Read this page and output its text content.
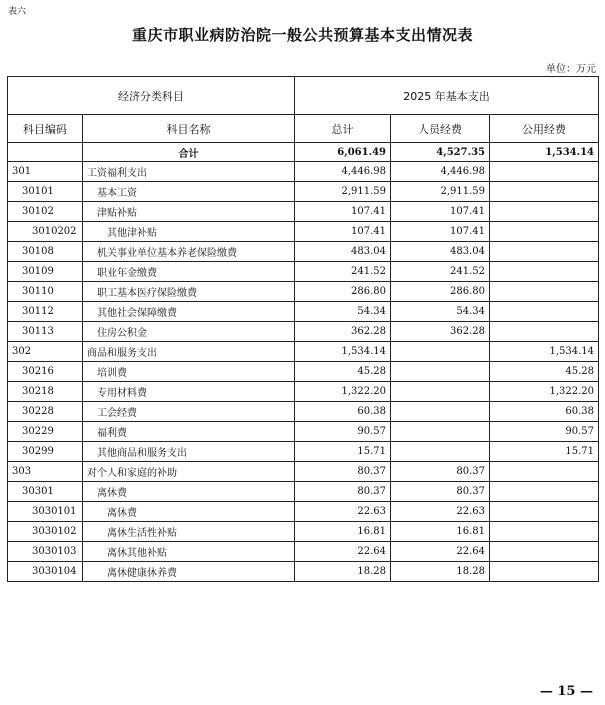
表六
重庆市职业病防治院一般公共预算基本支出情况表
单位：万元
经济分类科目		2025 年基本支出		
科目编码	科目名称	总计	人员经费	公用经费
	合计	6,061.49	4,527.35	1,534.14
301	工资福利支出	4,446.98	4,446.98	
30101	基本工资	2,911.59	2,911.59	
30102	津贴补贴	107.41	107.41	
3010202	其他津补贴	107.41	107.41	
30108	机关事业单位基本养老保险缴费	483.04	483.04	
30109	职业年金缴费	241.52	241.52	
30110	职工基本医疗保险缴费	286.80	286.80	
30112	其他社会保障缴费	54.34	54.34	
30113	住房公积金	362.28	362.28	
302	商品和服务支出	1,534.14		1,534.14
30216	培训费	45.28		45.28
30218	专用材料费	1,322.20		1,322.20
30228	工会经费	60.38		60.38
30229	福利费	90.57		90.57
30299	其他商品和服务支出	15.71		15.71
303	对个人和家庭的补助	80.37	80.37	
30301	离休费	80.37	80.37	
3030101	离休费	22.63	22.63	
3030102	离休生活性补贴	16.81	16.81	
3030103	离休其他补贴	22.64	22.64	
3030104	离休健康休养费	18.28	18.28	
— 15 —
